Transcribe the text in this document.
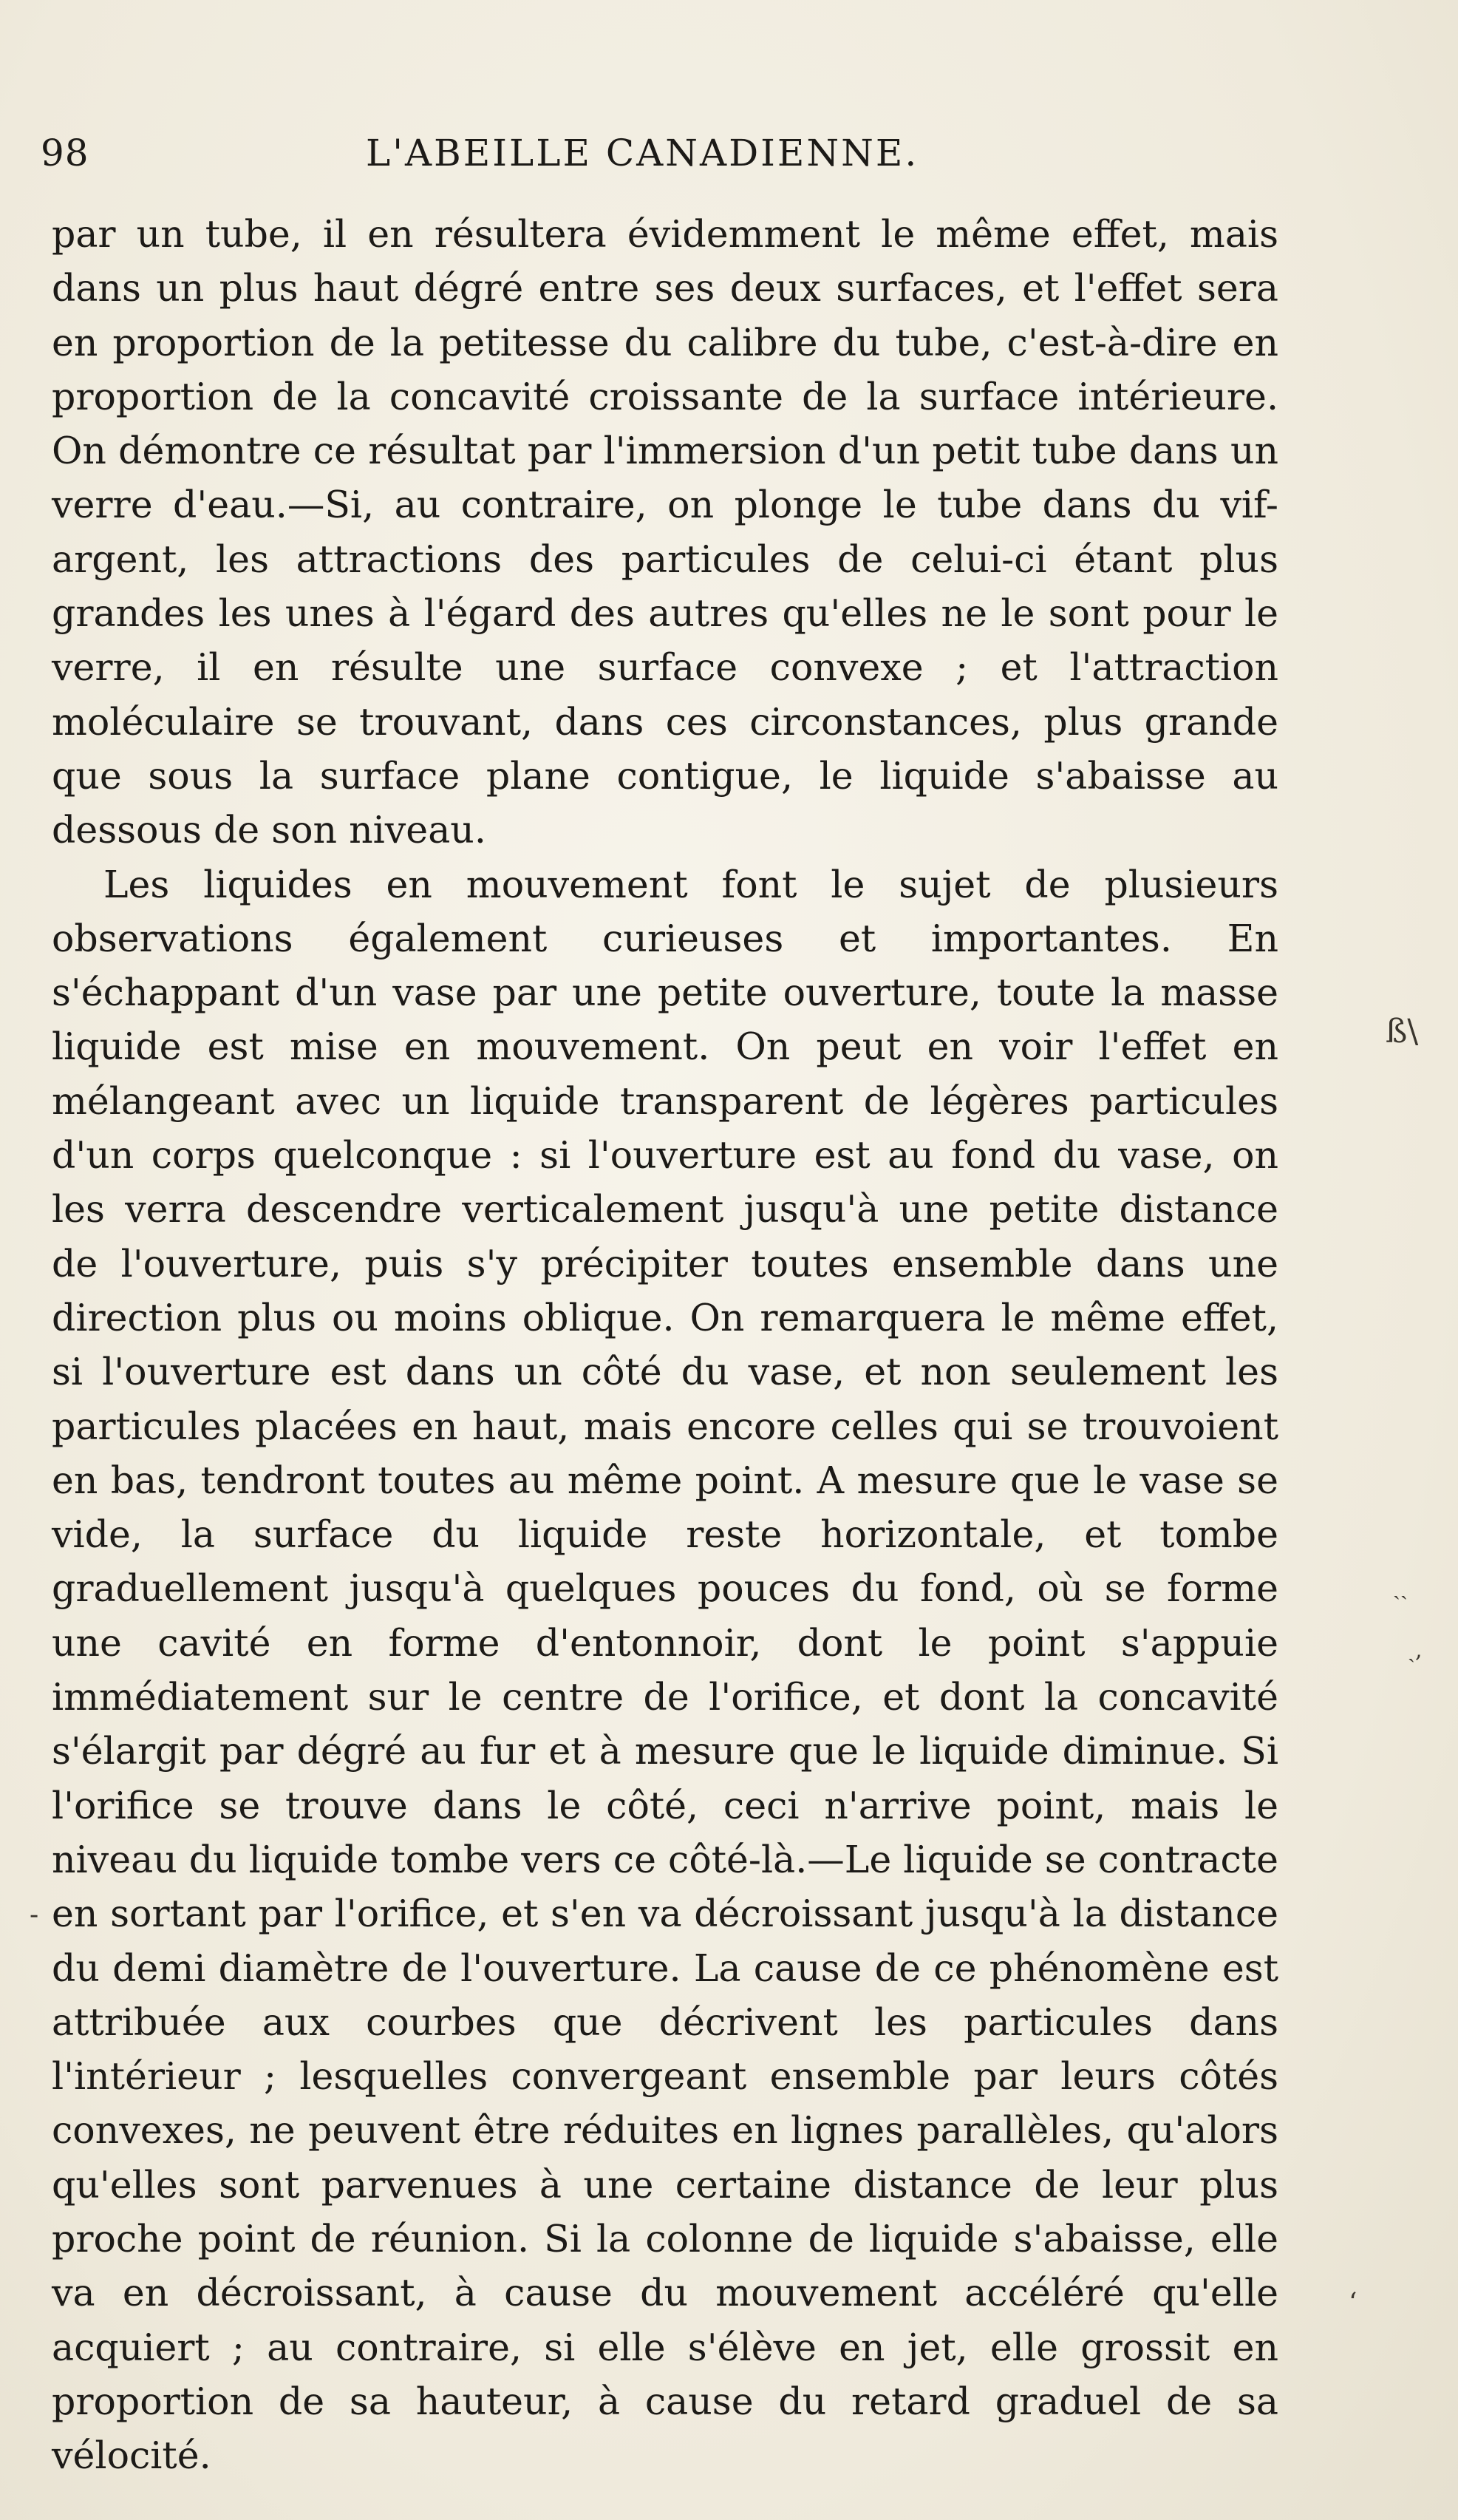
98	L'ABEILLE CANADIENNE.

par un tube, il en résultera évidemment le même effet, mais dans un plus haut dégré entre ses deux surfaces, et l'effet sera en proportion de la petitesse du calibre du tube, c'est-à-dire en proportion de la concavité croissante de la surface intérieure. On démontre ce résultat par l'immersion d'un petit tube dans un verre d'eau.—Si, au contraire, on plonge le tube dans du vif-argent, les attractions des particules de celui-ci étant plus grandes les unes à l'égard des autres qu'elles ne le sont pour le verre, il en résulte une surface convexe ; et l'attraction moléculaire se trouvant, dans ces circonstances, plus grande que sous la surface plane contigue, le liquide s'abaisse au dessous de son niveau.

Les liquides en mouvement font le sujet de plusieurs observations également curieuses et importantes. En s'échappant d'un vase par une petite ouverture, toute la masse liquide est mise en mouvement. On peut en voir l'effet en mélangeant avec un liquide transparent de légères particules d'un corps quelconque : si l'ouverture est au fond du vase, on les verra descendre verticalement jusqu'à une petite distance de l'ouverture, puis s'y précipiter toutes ensemble dans une direction plus ou moins oblique. On remarquera le même effet, si l'ouverture est dans un côté du vase, et non seulement les particules placées en haut, mais encore celles qui se trouvoient en bas, tendront toutes au même point. A mesure que le vase se vide, la surface du liquide reste horizontale, et tombe graduellement jusqu'à quelques pouces du fond, où se forme une cavité en forme d'entonnoir, dont le point s'appuie immédiatement sur le centre de l'orifice, et dont la concavité s'élargit par dégré au fur et à mesure que le liquide diminue. Si l'orifice se trouve dans le côté, ceci n'arrive point, mais le niveau du liquide tombe vers ce côté-là.—Le liquide se contracte en sortant par l'orifice, et s'en va décroissant jusqu'à la distance du demi diamètre de l'ouverture. La cause de ce phénomène est attribuée aux courbes que décrivent les particules dans l'intérieur ; lesquelles convergeant ensemble par leurs côtés convexes, ne peuvent être réduites en lignes parallèles, qu'alors qu'elles sont parvenues à une certaine distance de leur plus proche point de réunion. Si la colonne de liquide s'abaisse, elle va en décroissant, à cause du mouvement accéléré qu'elle acquiert ; au contraire, si elle s'élève en jet, elle grossit en proportion de sa hauteur, à cause du retard graduel de sa vélocité.

ß\
ˎˏ
ˎ,
ʻ
-
